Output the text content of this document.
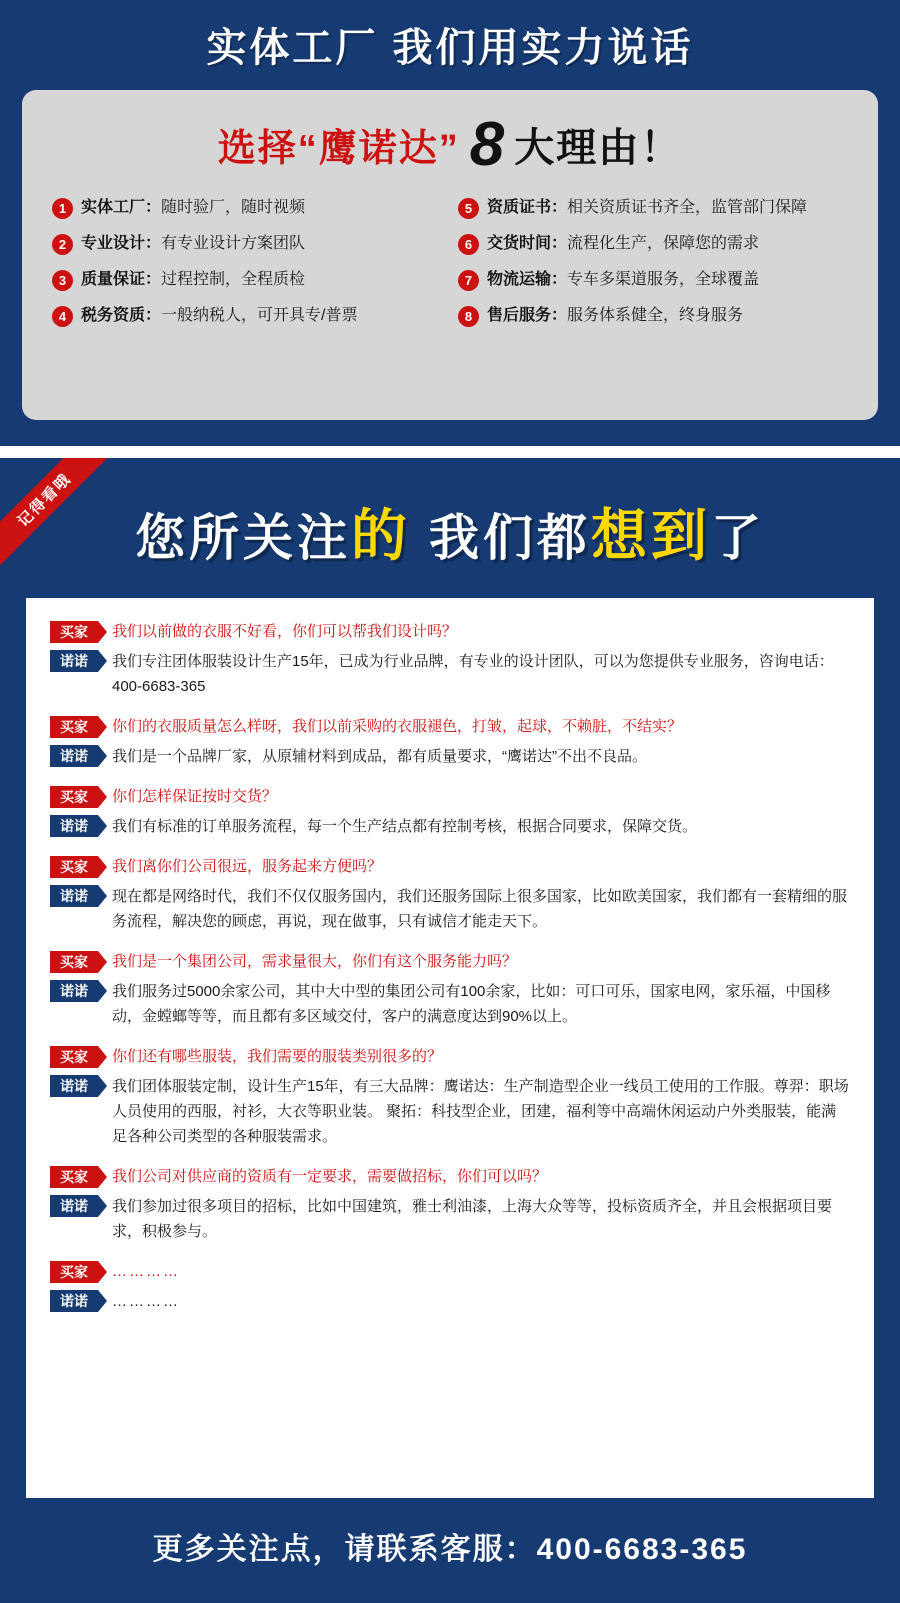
实体工厂 我们用实力说话
选择“鹰诺达” 8 大理由！
1 实体工厂：随时验厂，随时视频	5 资质证书：相关资质证书齐全，监管部门保障
2 专业设计：有专业设计方案团队	6 交货时间：流程化生产，保障您的需求
3 质量保证：过程控制，全程质检	7 物流运输：专车多渠道服务，全球覆盖
4 税务资质：一般纳税人，可开具专/普票	8 售后服务：服务体系健全，终身服务
记得看哦
您所关注的 我们都想到了
买家	我们以前做的衣服不好看，你们可以帮我们设计吗？
诺诺	我们专注团体服装设计生产15年，已成为行业品牌，有专业的设计团队，可以为您提供专业服务，咨询电话：400-6683-365
买家	你们的衣服质量怎么样呀，我们以前采购的衣服褪色，打皱，起球，不赖脏，不结实？
诺诺	我们是一个品牌厂家，从原辅材料到成品，都有质量要求，“鹰诺达”不出不良品。
买家	你们怎样保证按时交货？
诺诺	我们有标准的订单服务流程，每一个生产结点都有控制考核，根据合同要求，保障交货。
买家	我们离你们公司很远，服务起来方便吗？
诺诺	现在都是网络时代，我们不仅仅服务国内，我们还服务国际上很多国家，比如欧美国家，我们都有一套精细的服务流程，解决您的顾虑，再说，现在做事，只有诚信才能走天下。
买家	我们是一个集团公司，需求量很大，你们有这个服务能力吗？
诺诺	我们服务过5000余家公司，其中大中型的集团公司有100余家，比如：可口可乐，国家电网，家乐福，中国移动，金螳螂等等，而且都有多区域交付，客户的满意度达到90%以上。
买家	你们还有哪些服装，我们需要的服装类别很多的？
诺诺	我们团体服装定制，设计生产15年，有三大品牌：鹰诺达：生产制造型企业一线员工使用的工作服。尊羿：职场人员使用的西服，衬衫，大衣等职业装。 聚拓：科技型企业，团建，福利等中高端休闲运动户外类服装，能满足各种公司类型的各种服装需求。
买家	我们公司对供应商的资质有一定要求，需要做招标，你们可以吗？
诺诺	我们参加过很多项目的招标，比如中国建筑，雅士利油漆，上海大众等等，投标资质齐全，并且会根据项目要求，积极参与。
买家	…………
诺诺	…………
更多关注点，请联系客服：400-6683-365
